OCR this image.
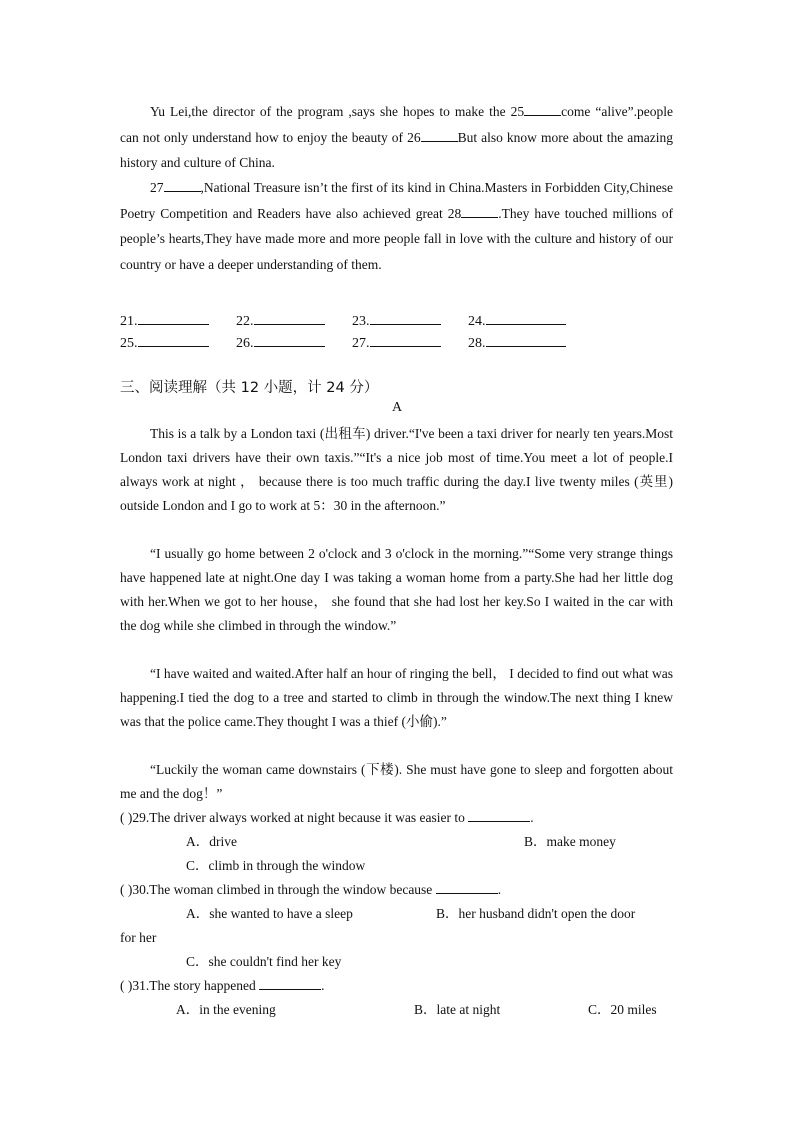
Yu Lei,the director of the program ,says she hopes to make the 25	come “alive”.people can not only understand how to enjoy the beauty of 26	But also know more about the amazing history and culture of China.

27	,National Treasure isn’t the first of its kind in China.Masters in Forbidden City,Chinese Poetry Competition and Readers have also achieved great 28	.They have touched millions of people’s hearts,They have made more and more people fall in love with the culture and history of our country or have a deeper understanding of them.

21.	22.	23.	24.
25.	26.	27.	28.
三、阅读理解（共 12 小题，计 24 分）
A

This is a talk by a London taxi (出租车) driver.“I've been a taxi driver for nearly ten years.Most London taxi drivers have their own taxis.”“It's a nice job most of time.You meet a lot of people.I always work at night ， because there is too much traffic during the day.I live twenty miles (英里) outside London and I go to work at 5：30 in the afternoon.”

“I usually go home between 2 o'clock and 3 o'clock in the morning.”“Some very strange things have happened late at night.One day I was taking a woman home from a party.She had her little dog with her.When we got to her house， she found that she had lost her key.So I waited in the car with the dog while she climbed in through the window.”

“I have waited and waited.After half an hour of ringing the bell， I decided to find out what was happening.I tied the dog to a tree and started to climb in through the window.The next thing I knew was that the police came.They thought I was a thief (小偷).”

“Luckily the woman came downstairs (下楼). She must have gone to sleep and forgotten about me and the dog！”

( )29.The driver always worked at night because it was easier to	.
A．drive	B．make money
C．climb in through the window
( )30.The woman climbed in through the window because	.
A．she wanted to have a sleep	B．her husband didn't open the door
for her
C．she couldn't find her key
( )31.The story happened	.
A．in the evening	B．late at night	C．20 miles
